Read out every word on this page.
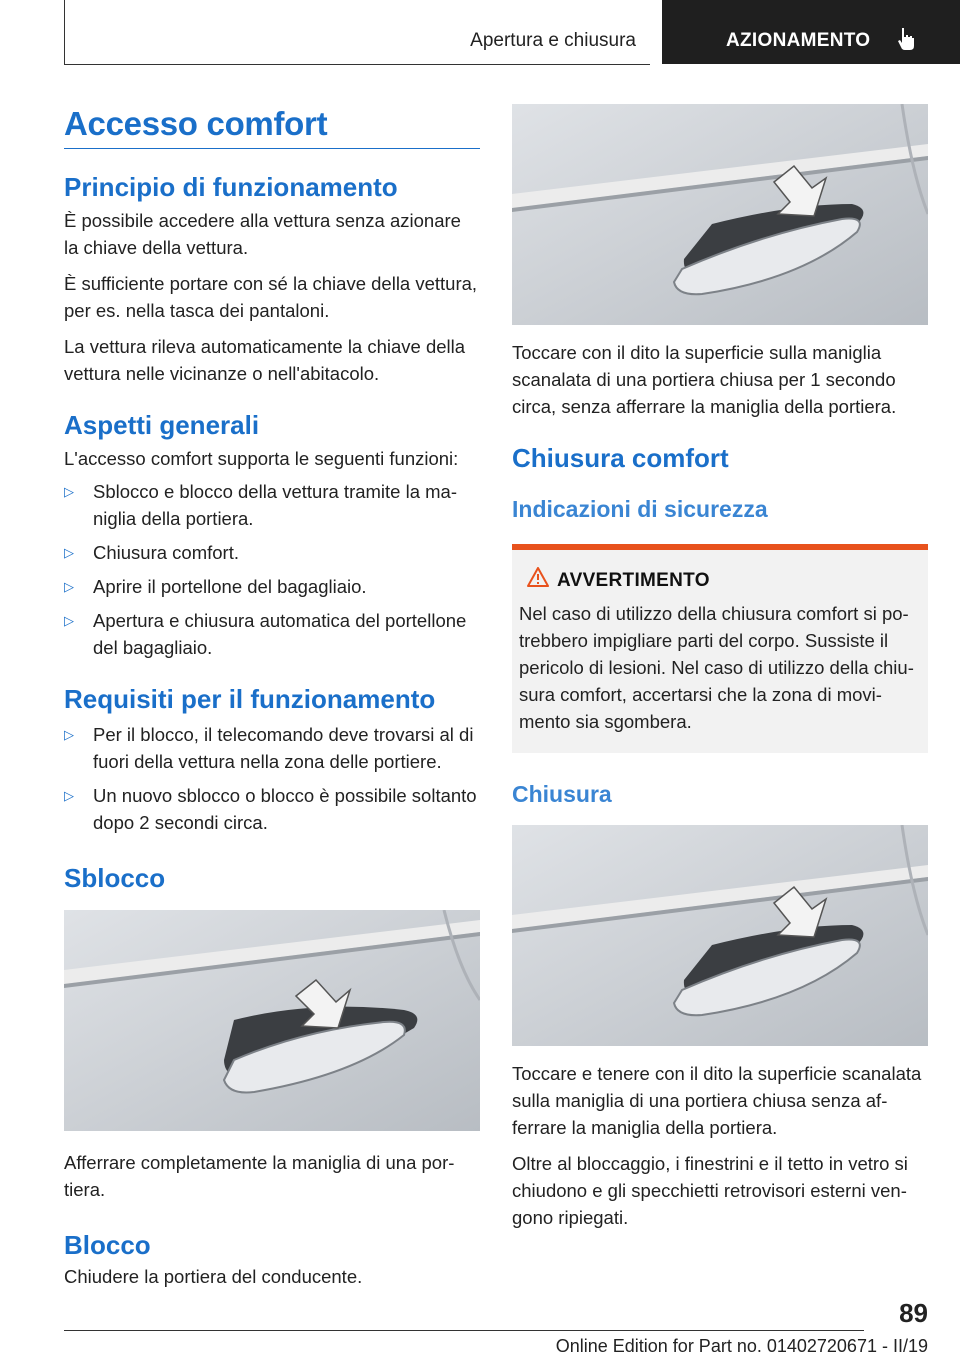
Apertura e chiusura	AZIONAMENTO
Accesso comfort
Principio di funzionamento

È possibile accedere alla vettura senza azionare la chiave della vettura.

È sufficiente portare con sé la chiave della vettura, per es. nella tasca dei pantaloni.

La vettura rileva automaticamente la chiave della vettura nelle vicinanze o nell'abitacolo.

Aspetti generali

L'accesso comfort supporta le seguenti funzioni:

▷ Sblocco e blocco della vettura tramite la maniglia della portiera.
▷ Chiusura comfort.
▷ Aprire il portellone del bagagliaio.
▷ Apertura e chiusura automatica del portellone del bagagliaio.
Requisiti per il funzionamento
▷ Per il blocco, il telecomando deve trovarsi al di fuori della vettura nella zona delle portiere.
▷ Un nuovo sblocco o blocco è possibile soltanto dopo 2 secondi circa.
Sblocco

Afferrare completamente la maniglia di una portiera.

Blocco

Chiudere la portiera del conducente.

Toccare con il dito la superficie sulla maniglia scanalata di una portiera chiusa per 1 secondo circa, senza afferrare la maniglia della portiera.

Chiusura comfort
Indicazioni di sicurezza
AVVERTIMENTO

Nel caso di utilizzo della chiusura comfort si potrebbero impigliare parti del corpo. Sussiste il pericolo di lesioni. Nel caso di utilizzo della chiusura comfort, accertarsi che la zona di movimento sia sgombera.

Chiusura

Toccare e tenere con il dito la superficie scanalata sulla maniglia di una portiera chiusa senza afferrare la maniglia della portiera.

Oltre al bloccaggio, i finestrini e il tetto in vetro si chiudono e gli specchietti retrovisori esterni vengono ripiegati.

89
Online Edition for Part no. 01402720671 - II/19
